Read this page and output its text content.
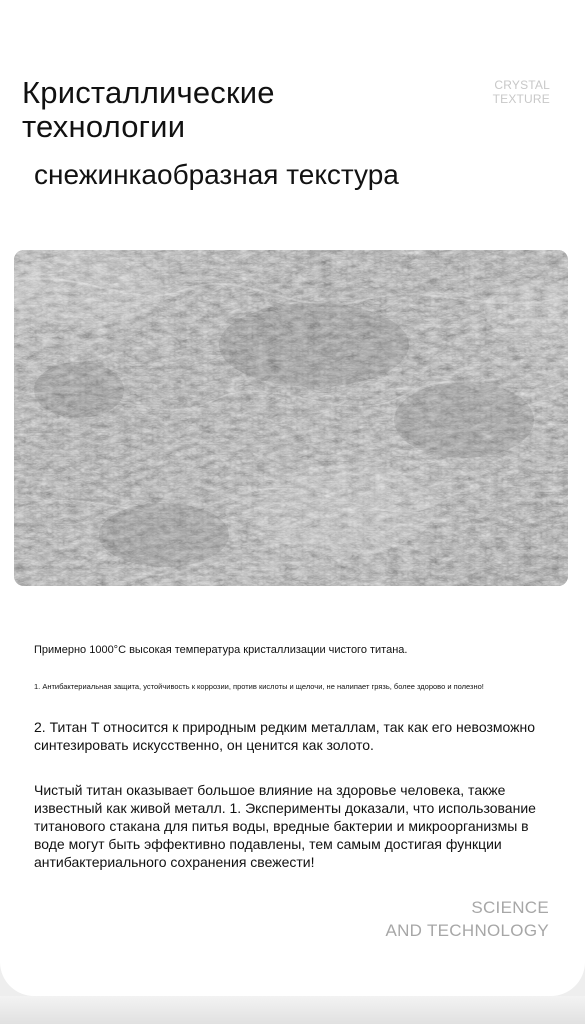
Кристаллические технологии
снежинкаобразная текстура
CRYSTAL
TEXTURE

Примерно 1000°C высокая температура кристаллизации чистого титана.

1. Антибактериальная защита, устойчивость к коррозии, против кислоты и щелочи, не налипает грязь, более здорово и полезно!

2. Титан T относится к природным редким металлам, так как его невозможно синтезировать искусственно, он ценится как золото.

Чистый титан оказывает большое влияние на здоровье человека, также известный как живой металл. 1. Эксперименты доказали, что использование титанового стакана для питья воды, вредные бактерии и микроорганизмы в воде могут быть эффективно подавлены, тем самым достигая функции антибактериального сохранения свежести!

SCIENCE
AND TECHNOLOGY
